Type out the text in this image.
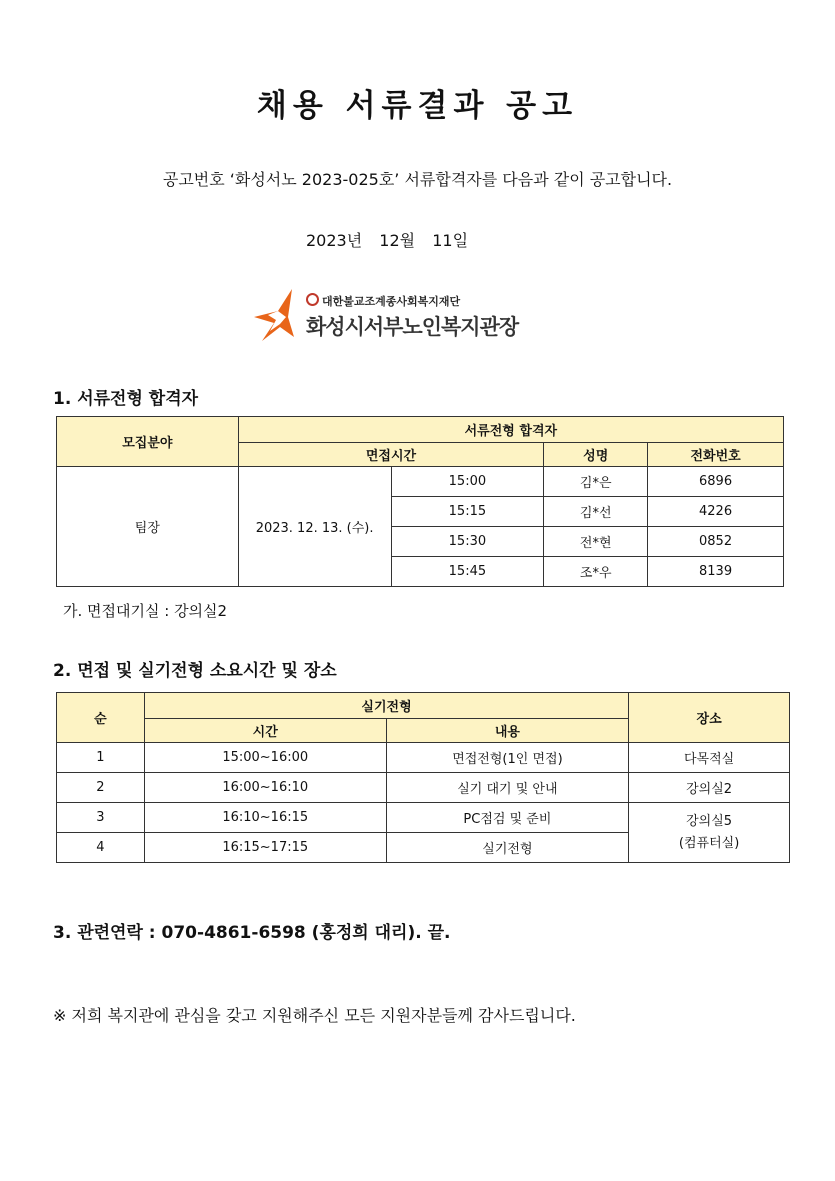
채용 서류결과 공고
공고번호 ‘화성서노 2023-025호’ 서류합격자를 다음과 같이 공고합니다.
2023년 12월 11일
대한불교조계종사회복지재단
화성시서부노인복지관장
1. 서류전형 합격자
모집분야	서류전형 합격자			
	면접시간		성명	전화번호
팀장	2023. 12. 13. (수).	15:00	김*은	6896
		15:15	김*선	4226
		15:30	전*현	0852
		15:45	조*우	8139
가. 면접대기실 : 강의실2
2. 면접 및 실기전형 소요시간 및 장소
순	실기전형		장소
	시간	내용	
1	15:00~16:00	면접전형(1인 면접)	다목적실
2	16:00~16:10	실기 대기 및 안내	강의실2
3	16:10~16:15	PC점검 및 준비	강의실5
(컴퓨터실)

4	16:15~17:15	실기전형	
3. 관련연락 : 070-4861-6598 (홍정희 대리). 끝.
※ 저희 복지관에 관심을 갖고 지원해주신 모든 지원자분들께 감사드립니다.
